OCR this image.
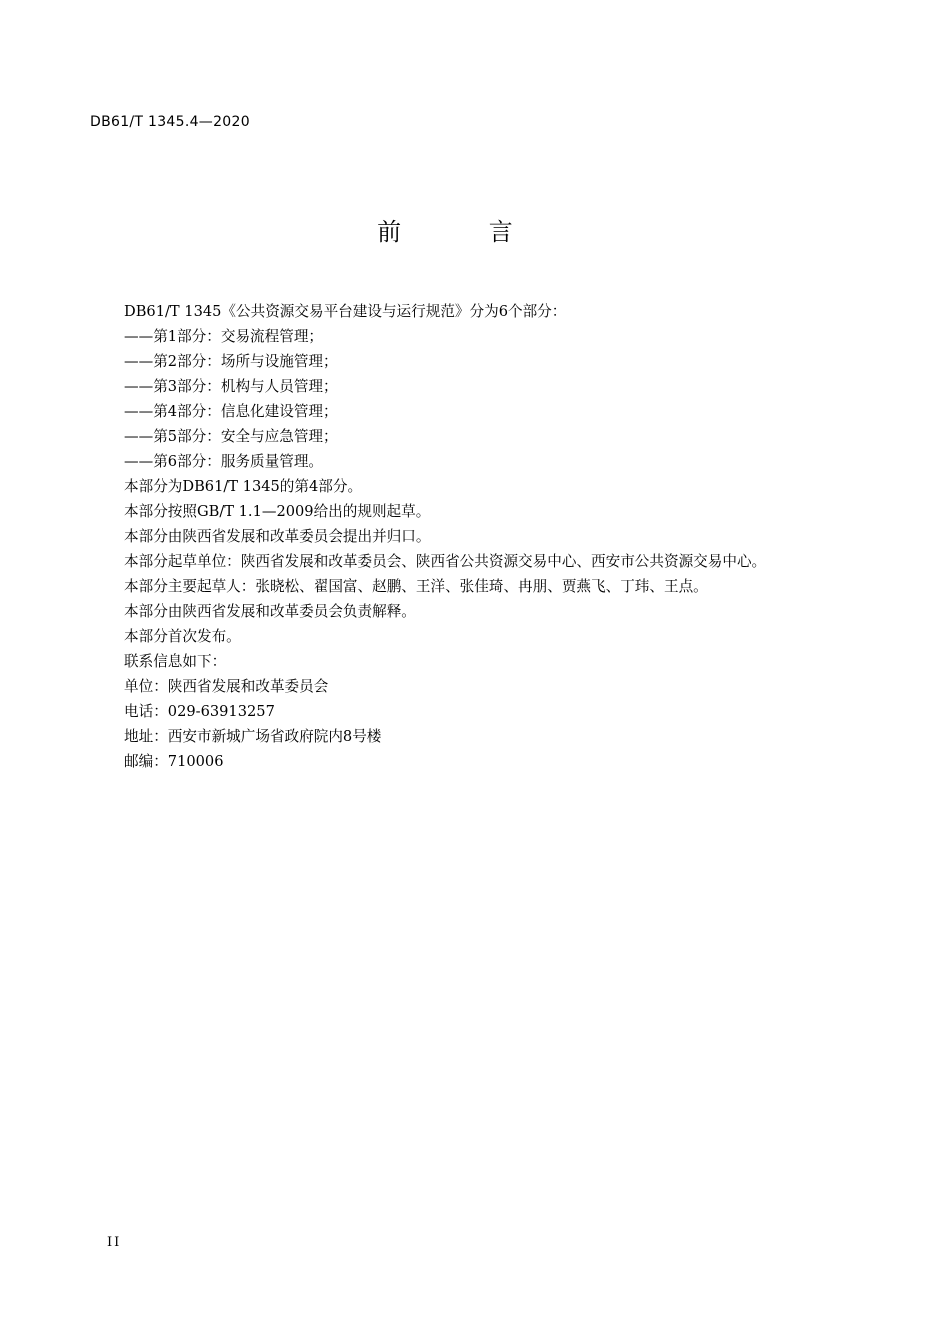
DB61/T 1345.4—2020
前 言
DB61/T 1345《公共资源交易平台建设与运行规范》分为6个部分：
——第1部分：交易流程管理；
——第2部分：场所与设施管理；
——第3部分：机构与人员管理；
——第4部分：信息化建设管理；
——第5部分：安全与应急管理；
——第6部分：服务质量管理。
本部分为DB61/T 1345的第4部分。
本部分按照GB/T 1.1—2009给出的规则起草。
本部分由陕西省发展和改革委员会提出并归口。
本部分起草单位：陕西省发展和改革委员会、陕西省公共资源交易中心、西安市公共资源交易中心。
本部分主要起草人：张晓松、翟国富、赵鹏、王洋、张佳琦、冉朋、贾燕飞、丁玮、王点。
本部分由陕西省发展和改革委员会负责解释。
本部分首次发布。
联系信息如下：
单位：陕西省发展和改革委员会
电话：029-63913257
地址：西安市新城广场省政府院内8号楼
邮编：710006
II
